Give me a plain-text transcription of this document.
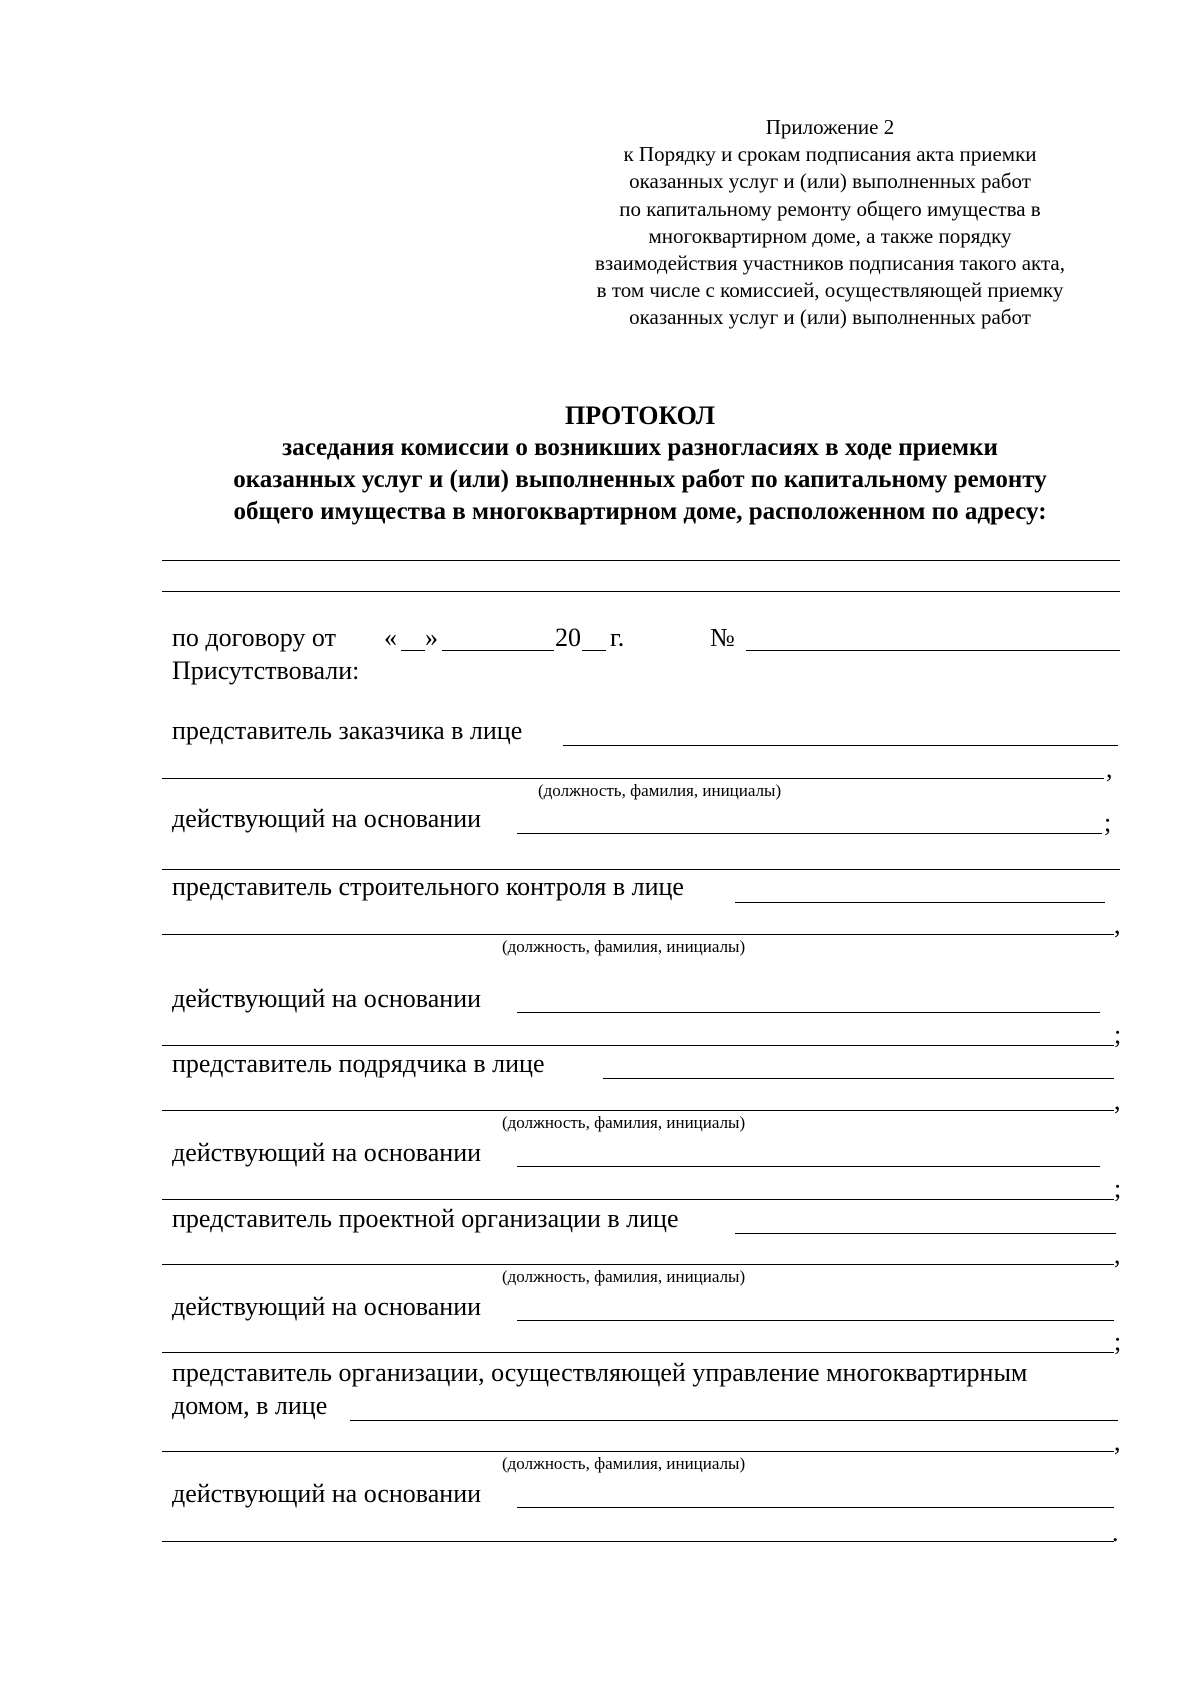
Приложение 2
к Порядку и срокам подписания акта приемки
оказанных услуг и (или) выполненных работ
по капитальному ремонту общего имущества в
многоквартирном доме, а также порядку
взаимодействия участников подписания такого акта,
в том числе с комиссией, осуществляющей приемку
оказанных услуг и (или) выполненных работ
ПРОТОКОЛ
заседания комиссии о возникших разногласиях в ходе приемки
оказанных услуг и (или) выполненных работ по капитальному ремонту
общего имущества в многоквартирном доме, расположенном по адресу:
по договору от « »	20 г.	№
Присутствовали:
представитель заказчика в лице
,
(должность, фамилия, инициалы)
действующий на основании	;
представитель строительного контроля в лице
,
(должность, фамилия, инициалы)
действующий на основании
;
представитель подрядчика в лице
,
(должность, фамилия, инициалы)
действующий на основании
;
представитель проектной организации в лице
,
(должность, фамилия, инициалы)
действующий на основании
;
представитель организации, осуществляющей управление многоквартирным
домом, в лице
,
(должность, фамилия, инициалы)
действующий на основании
.
